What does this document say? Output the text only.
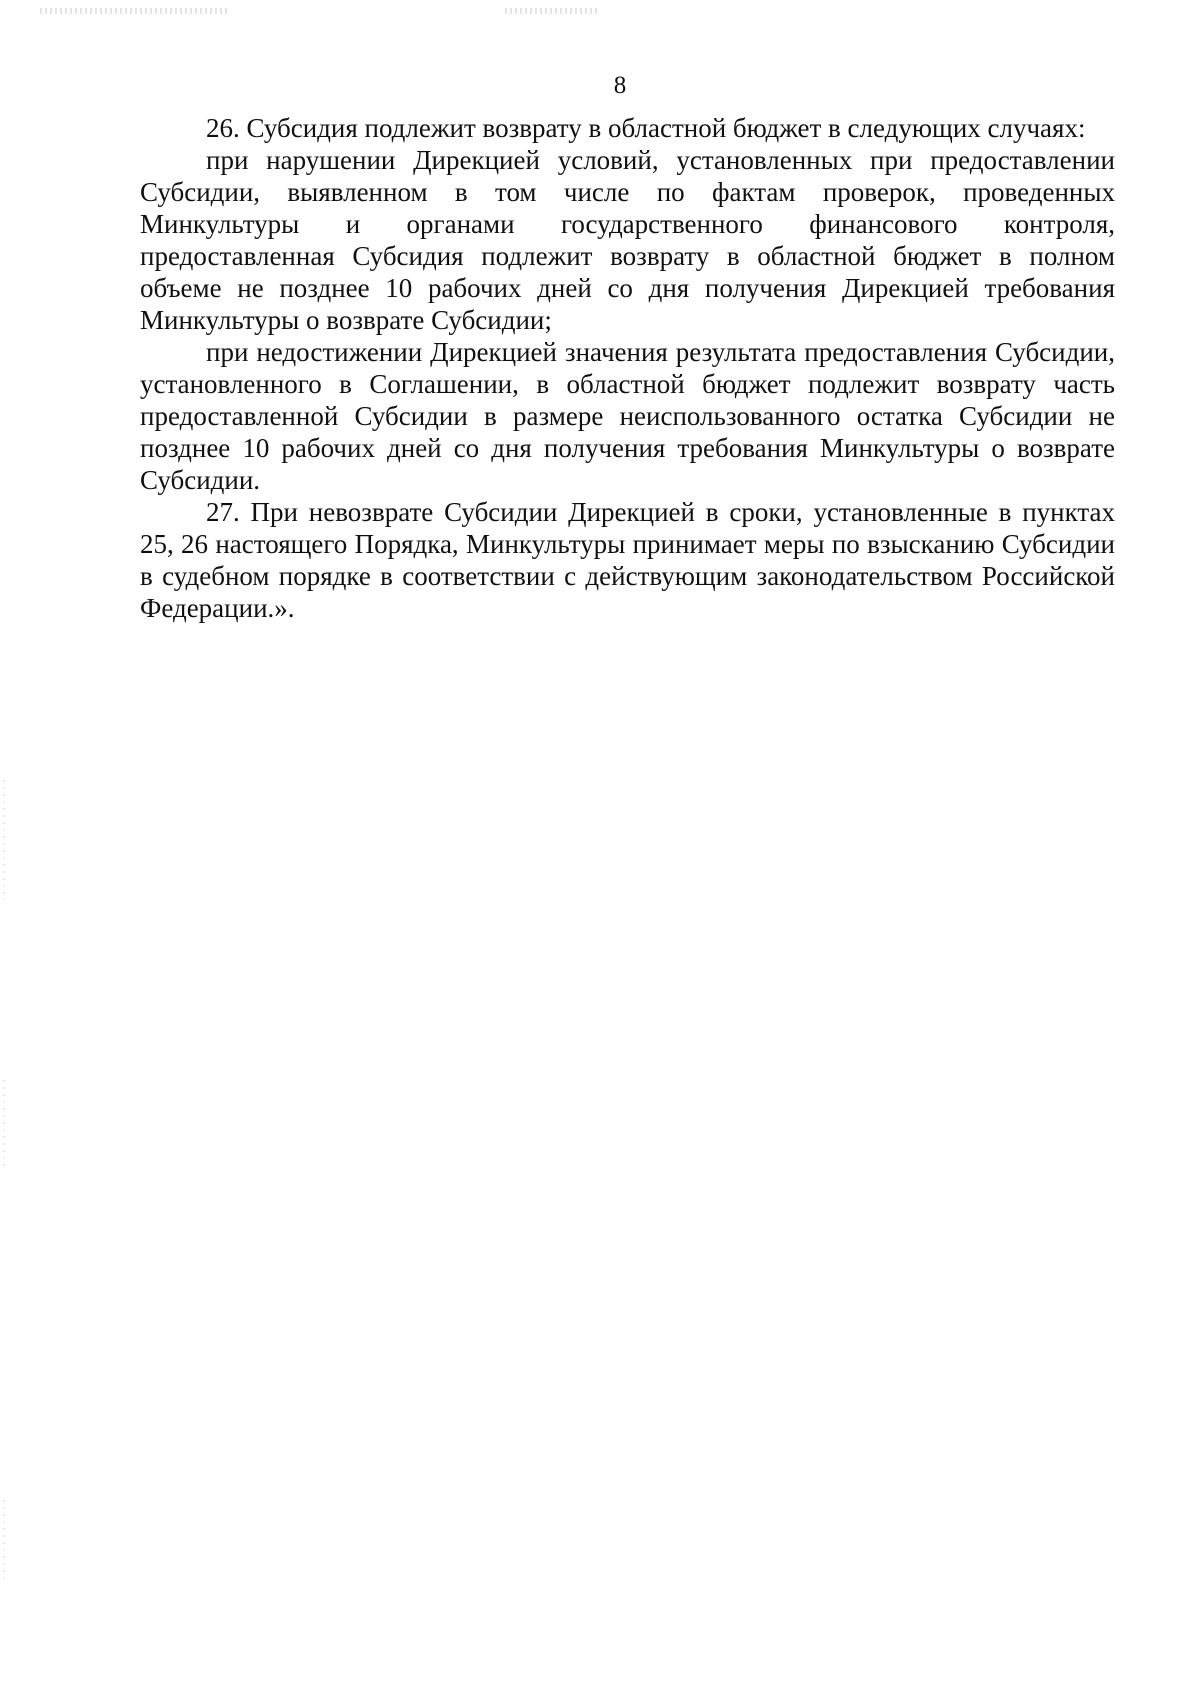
8

26. Субсидия подлежит возврату в областной бюджет в следующих случаях:

при нарушении Дирекцией условий, установленных при предоставлении Субсидии, выявленном в том числе по фактам проверок, проведенных Минкультуры и органами государственного финансового контроля, предоставленная Субсидия подлежит возврату в областной бюджет в полном объеме не позднее 10 рабочих дней со дня получения Дирекцией требования Минкультуры о возврате Субсидии;

при недостижении Дирекцией значения результата предоставления Субсидии, установленного в Соглашении, в областной бюджет подлежит возврату часть предоставленной Субсидии в размере неиспользованного остатка Субсидии не позднее 10 рабочих дней со дня получения требования Минкультуры о возврате Субсидии.

27. При невозврате Субсидии Дирекцией в сроки, установленные в пунктах 25, 26 настоящего Порядка, Минкультуры принимает меры по взысканию Субсидии в судебном порядке в соответствии с действующим законодательством Российской Федерации.».
